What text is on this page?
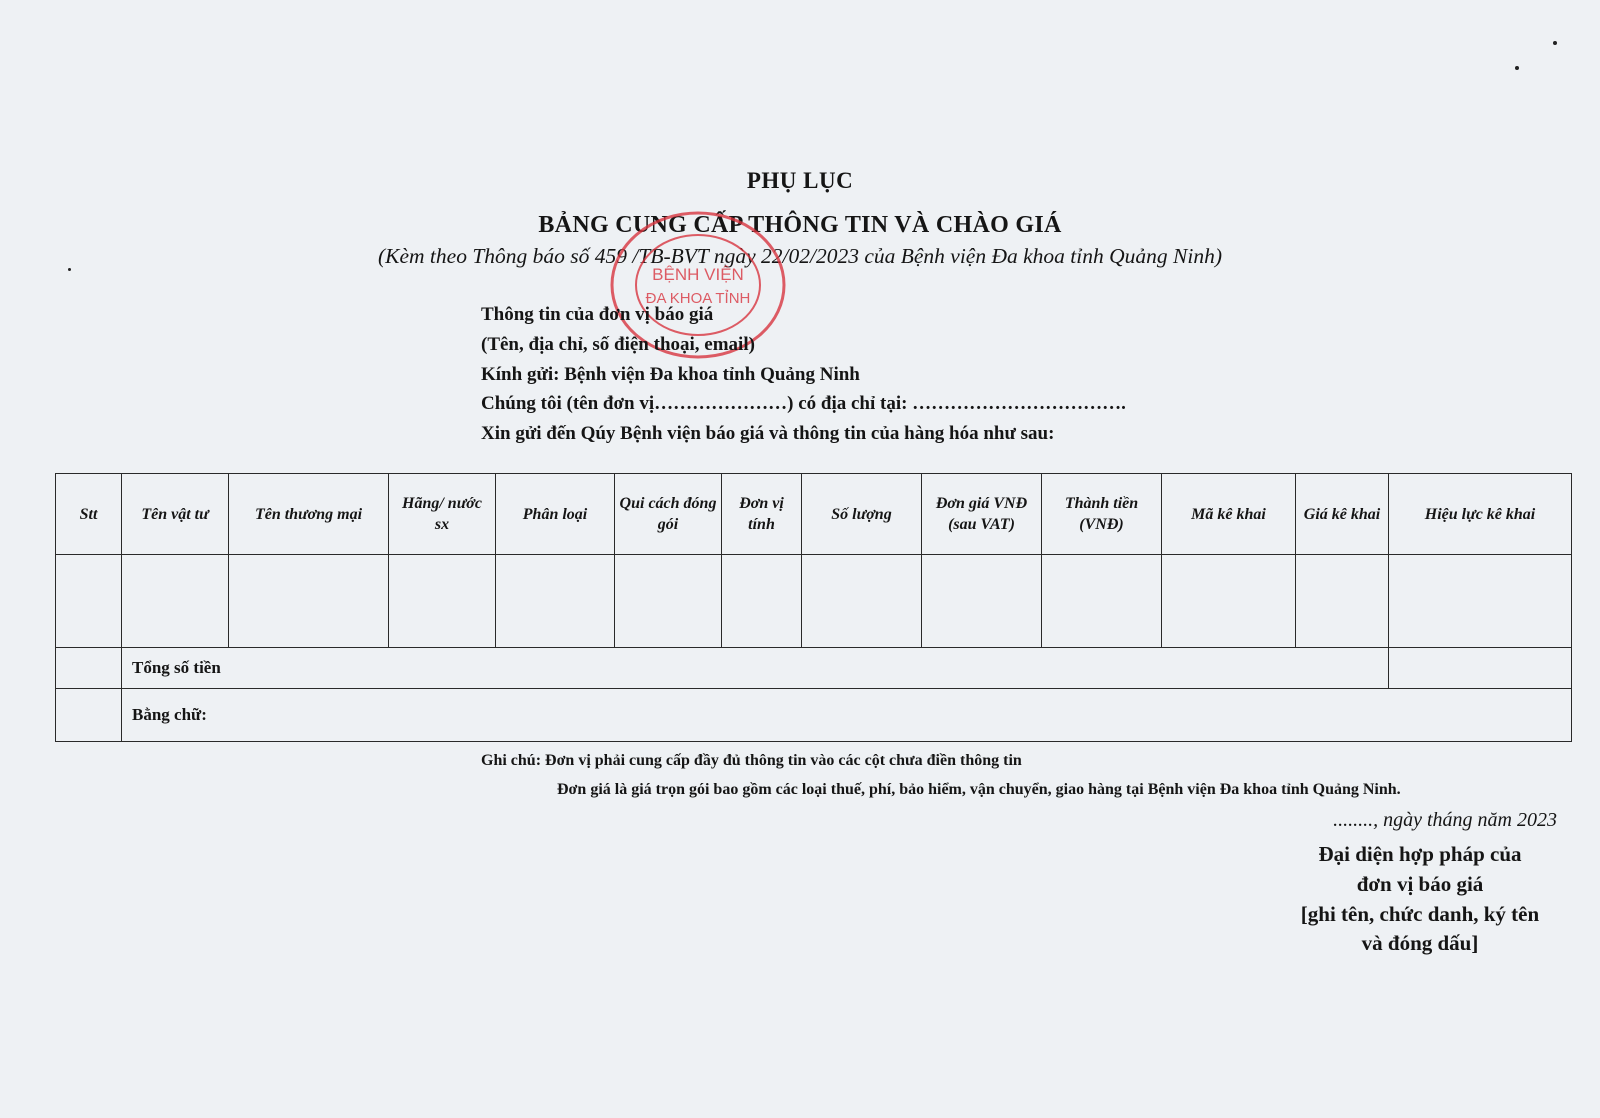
PHỤ LỤC
BẢNG CUNG CẤP THÔNG TIN VÀ CHÀO GIÁ
(Kèm theo Thông báo số 459 /TB-BVT ngày 22/02/2023 của Bệnh viện Đa khoa tỉnh Quảng Ninh)
BỆNH VIỆN
ĐA KHOA TỈNH
Thông tin của đơn vị báo giá
(Tên, địa chỉ, số điện thoại, email)
Kính gửi: Bệnh viện Đa khoa tỉnh Quảng Ninh
Chúng tôi (tên đơn vị…………………) có địa chỉ tại: …………………………….
Xin gửi đến Qúy Bệnh viện báo giá và thông tin của hàng hóa như sau:
Stt	Tên vật tư	Tên thương mại	Hãng/ nước sx	Phân loại	Qui cách đóng gói	Đơn vị tính	Số lượng	Đơn giá VNĐ (sau VAT)	Thành tiền (VNĐ)	Mã kê khai	Giá kê khai	Hiệu lực kê khai

	Tổng số tiền											
	Bằng chữ:											
Ghi chú: Đơn vị phải cung cấp đầy đủ thông tin vào các cột chưa điền thông tin
Đơn giá là giá trọn gói bao gồm các loại thuế, phí, bảo hiểm, vận chuyển, giao hàng tại Bệnh viện Đa khoa tỉnh Quảng Ninh.
........, ngày tháng năm 2023
Đại diện hợp pháp của
đơn vị báo giá
[ghi tên, chức danh, ký tên
và đóng dấu]
